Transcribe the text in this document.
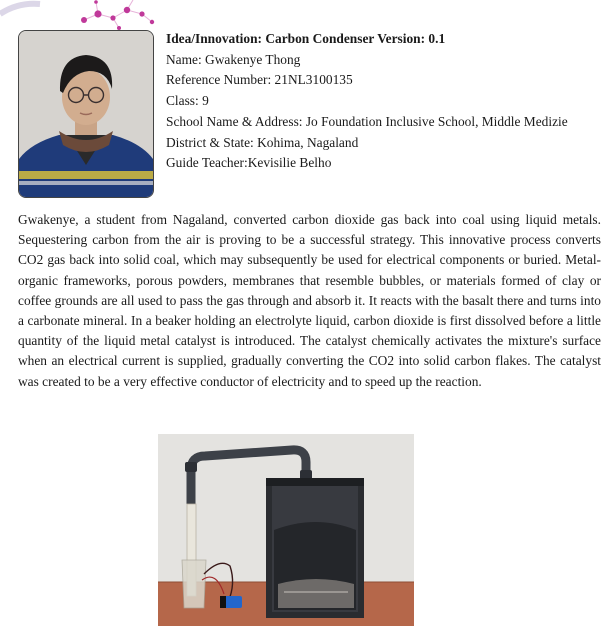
Idea/Innovation: Carbon Condenser Version: 0.1
Name: Gwakenye Thong
Reference Number: 21NL3100135
Class: 9
School Name & Address: Jo Foundation Inclusive School, Middle Medizie
District & State: Kohima, Nagaland
Guide Teacher:Kevisilie Belho

Gwakenye, a student from Nagaland, converted carbon dioxide gas back into coal using liquid metals. Sequestering carbon from the air is proving to be a successful strategy. This innovative process converts CO2 gas back into solid coal, which may subsequently be used for electrical components or buried. Metal-organic frameworks, porous powders, membranes that resemble bubbles, or materials formed of clay or coffee grounds are all used to pass the gas through and absorb it. It reacts with the basalt there and turns into a carbonate mineral. In a beaker holding an electrolyte liquid, carbon dioxide is first dissolved before a little quantity of the liquid metal catalyst is introduced. The catalyst chemically activates the mixture's surface when an electrical current is supplied, gradually converting the CO2 into solid carbon flakes. The catalyst was created to be a very effective conductor of electricity and to speed up the reaction.
